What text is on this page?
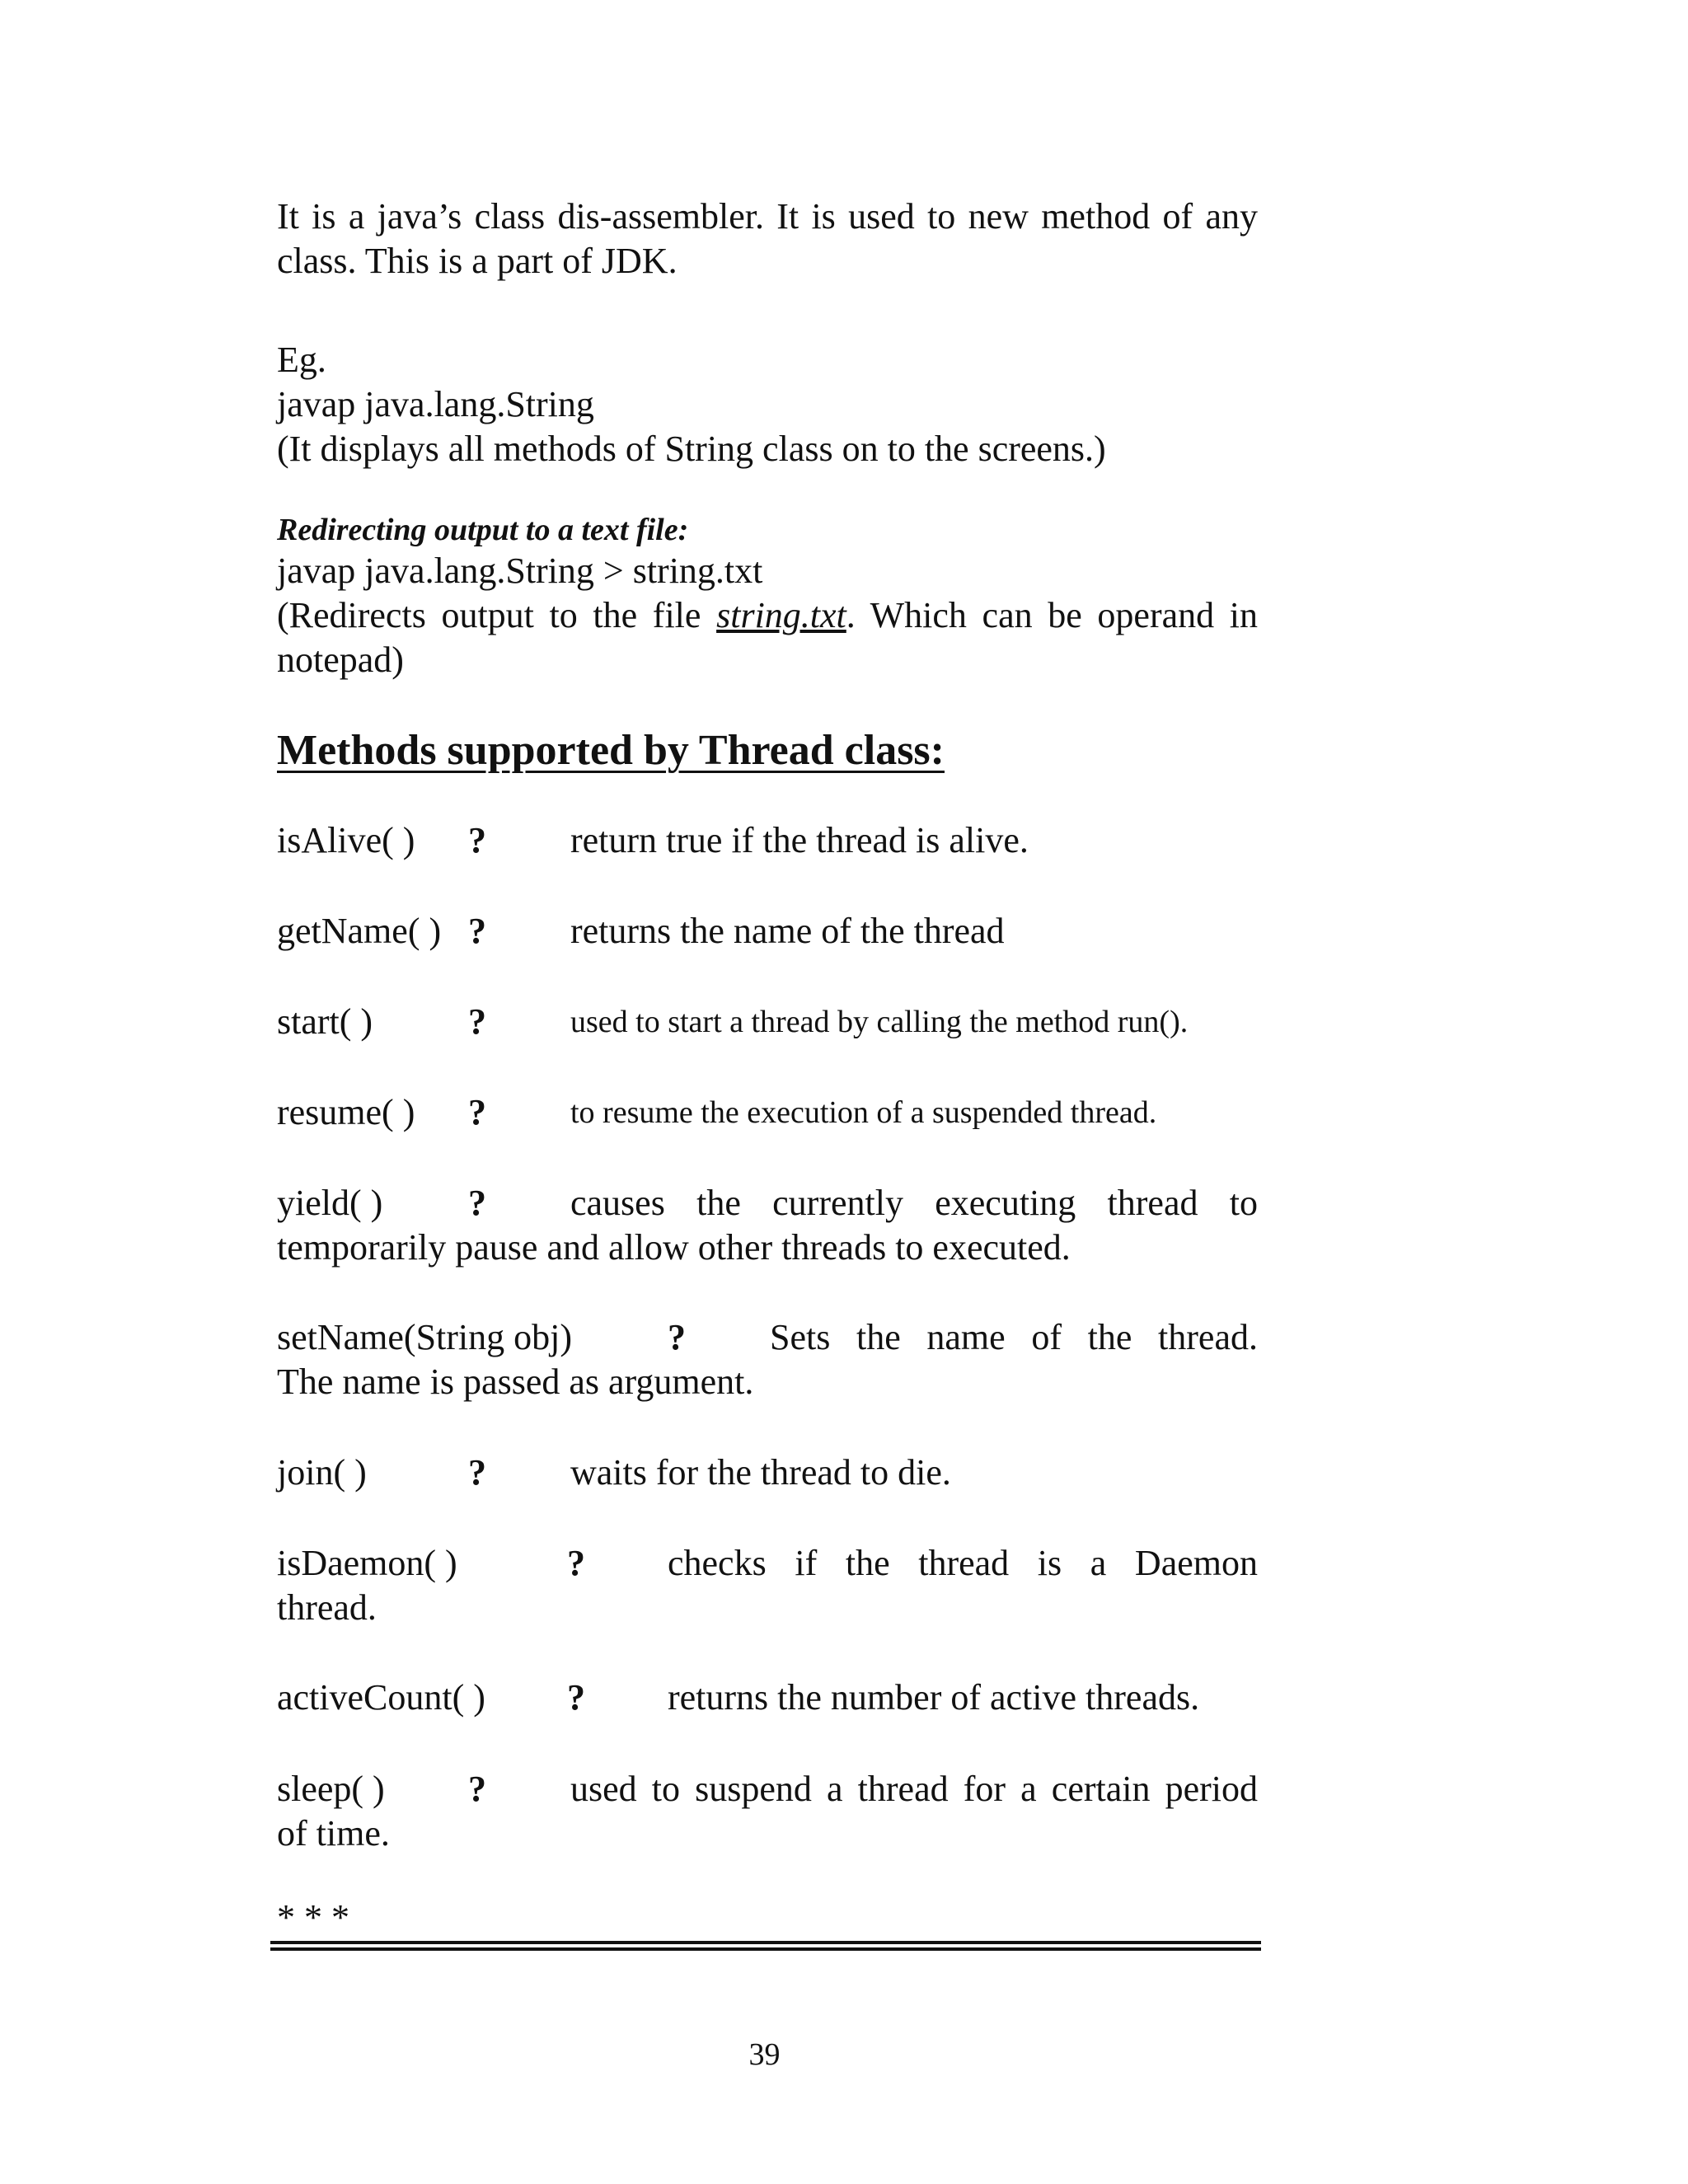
It is a java’s class dis-assembler. It is used to new method of any class. This is a part of JDK.

Eg.
javap java.lang.String
(It displays all methods of String class on to the screens.)
Redirecting output to a text file:
javap java.lang.String > string.txt

(Redirects output to the file string.txt. Which can be operand in notepad)

Methods supported by Thread class:
isAlive( ) ? return true if the thread is alive.
getName( ) ? returns the name of the thread
start( )	?	used to start a thread by calling the method run().
resume( ) ?	to resume the execution of a suspended thread.
yield( ) ? causes the currently executing thread to
temporarily pause and allow other threads to executed.
setName(String obj)	? Sets the name of the thread.
The name is passed as argument.
join( )	? waits for the thread to die.
isDaemon( )	? checks if the thread is a Daemon
thread.
activeCount( ) ? returns the number of active threads.
sleep( ) ? used to suspend a thread for a certain period
of time.
* * *
39
